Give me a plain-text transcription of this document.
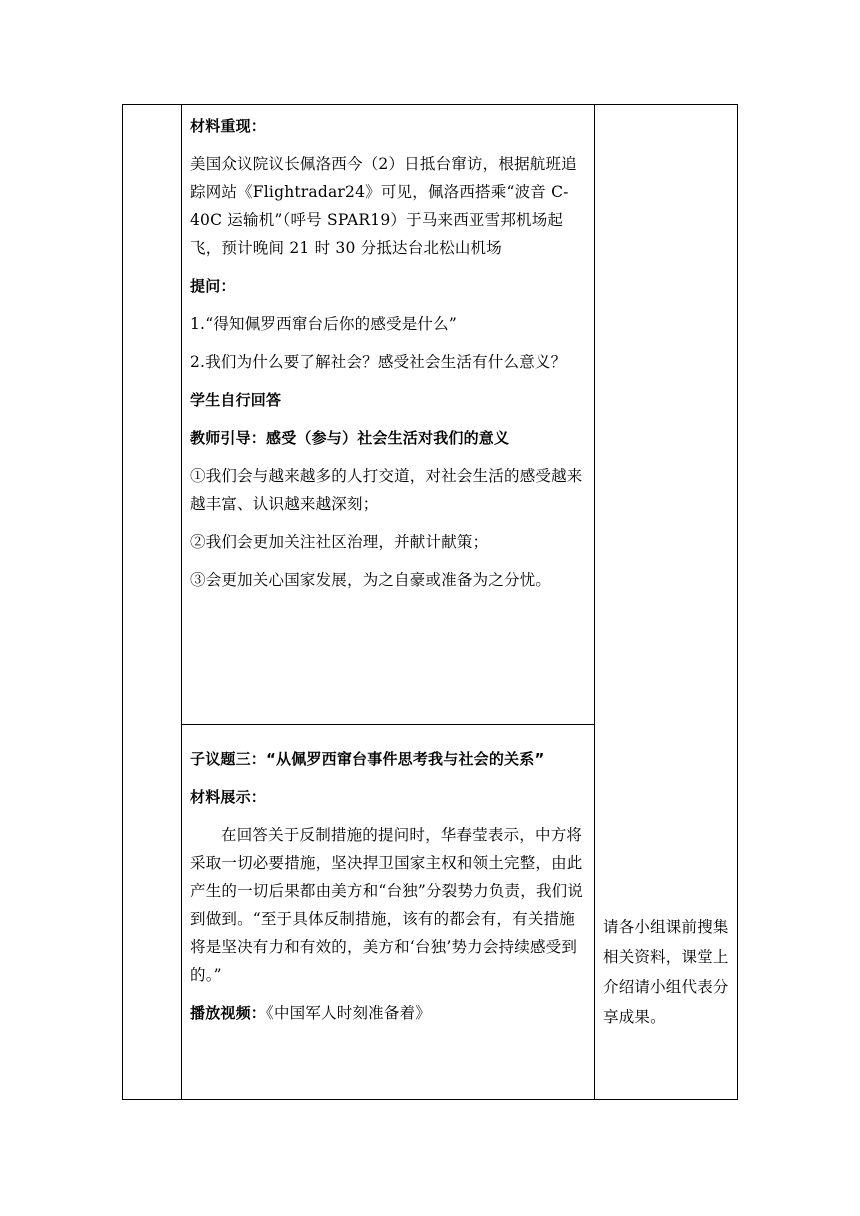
材料重现：

美国众议院议长佩洛西今（2）日抵台窜访，根据航班追踪网站《Flightradar24》可见，佩洛西搭乘“波音 C-40C 运输机”（呼号 SPAR19）于马来西亚雪邦机场起飞，预计晚间 21 时 30 分抵达台北松山机场

提问：

1.“得知佩罗西窜台后你的感受是什么”

2.我们为什么要了解社会？感受社会生活有什么意义？

学生自行回答

教师引导：感受（参与）社会生活对我们的意义

①我们会与越来越多的人打交道，对社会生活的感受越来越丰富、认识越来越深刻；

②我们会更加关注社区治理，并献计献策；

③会更加关心国家发展，为之自豪或准备为之分忧。

子议题三：“从佩罗西窜台事件思考我与社会的关系”

材料展示：

在回答关于反制措施的提问时，华春莹表示，中方将采取一切必要措施，坚决捍卫国家主权和领土完整，由此产生的一切后果都由美方和“台独”分裂势力负责，我们说到做到。“至于具体反制措施，该有的都会有，有关措施将是坚决有力和有效的，美方和‘台独’势力会持续感受到的。”

播放视频：《中国军人时刻准备着》

请各小组课前搜集相关资料，课堂上介绍请小组代表分享成果。
